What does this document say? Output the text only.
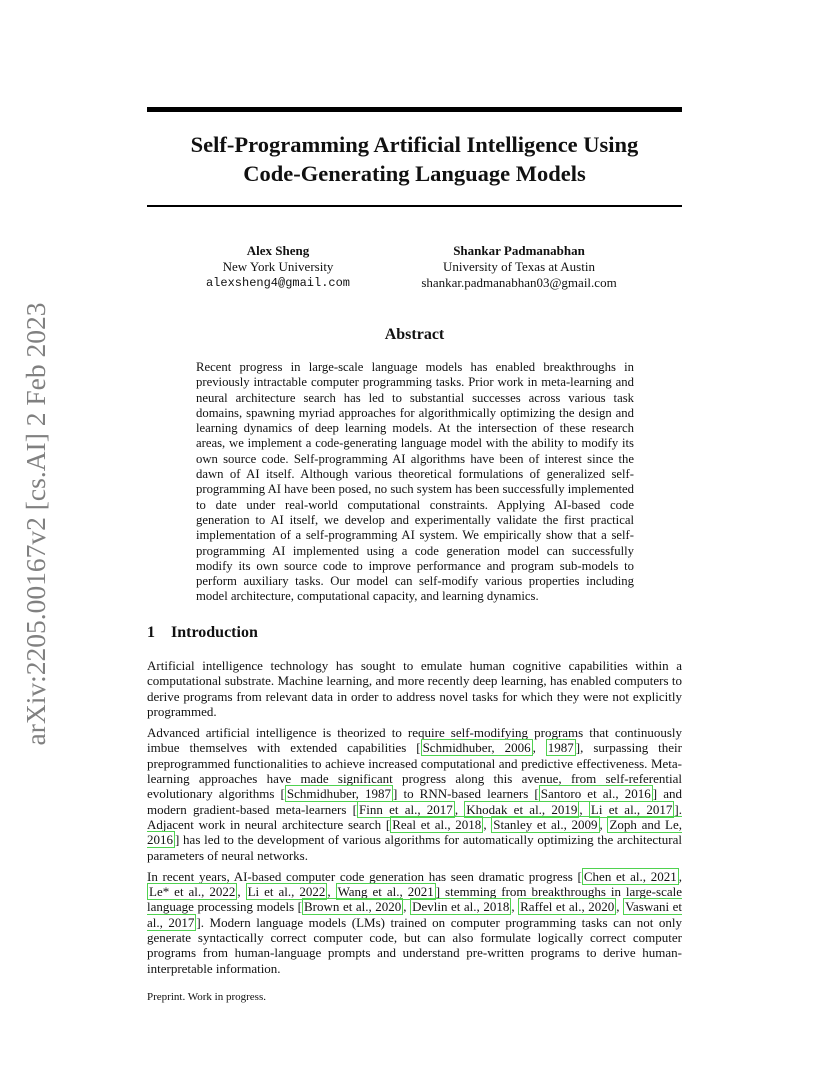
arXiv:2205.00167v2 [cs.AI] 2 Feb 2023
Self-Programming Artificial Intelligence Using
Code-Generating Language Models
Alex Sheng
New York University
alexsheng4@gmail.com
Shankar Padmanabhan
University of Texas at Austin
shankar.padmanabhan03@gmail.com
Abstract
Recent progress in large-scale language models has enabled breakthroughs in previously intractable computer programming tasks. Prior work in meta-learning and neural architecture search has led to substantial successes across various task domains, spawning myriad approaches for algorithmically optimizing the design and learning dynamics of deep learning models. At the intersection of these research areas, we implement a code-generating language model with the ability to modify its own source code. Self-programming AI algorithms have been of interest since the dawn of AI itself. Although various theoretical formulations of generalized self-programming AI have been posed, no such system has been successfully implemented to date under real-world computational constraints. Applying AI-based code generation to AI itself, we develop and experimentally validate the first practical implementation of a self-programming AI system. We empirically show that a self-programming AI implemented using a code generation model can successfully modify its own source code to improve performance and program sub-models to perform auxiliary tasks. Our model can self-modify various properties including model architecture, computational capacity, and learning dynamics.
1 Introduction

Artificial intelligence technology has sought to emulate human cognitive capabilities within a computational substrate. Machine learning, and more recently deep learning, has enabled computers to derive programs from relevant data in order to address novel tasks for which they were not explicitly programmed.

Advanced artificial intelligence is theorized to require self-modifying programs that continuously imbue themselves with extended capabilities [ Schmidhuber, 2006 , 1987 ], surpassing their preprogrammed functionalities to achieve increased computational and predictive effectiveness. Meta-learning approaches have made significant progress along this avenue, from self-referential evolutionary algorithms [ Schmidhuber, 1987 ] to RNN-based learners [ Santoro et al., 2016 ] and modern gradient-based meta-learners [ Finn et al., 2017 , Khodak et al., 2019 , Li et al., 2017 ]. Adjacent work in neural architecture search [ Real et al., 2018 , Stanley et al., 2009 , Zoph and Le, 2016 ] has led to the development of various algorithms for automatically optimizing the architectural parameters of neural networks.

In recent years, AI-based computer code generation has seen dramatic progress [ Chen et al., 2021 , Le* et al., 2022 , Li et al., 2022 , Wang et al., 2021 ] stemming from breakthroughs in large-scale language processing models [ Brown et al., 2020 , Devlin et al., 2018 , Raffel et al., 2020 , Vaswani et al., 2017 ]. Modern language models (LMs) trained on computer programming tasks can not only generate syntactically correct computer code, but can also formulate logically correct computer programs from human-language prompts and understand pre-written programs to derive human-interpretable information.

Preprint. Work in progress.
